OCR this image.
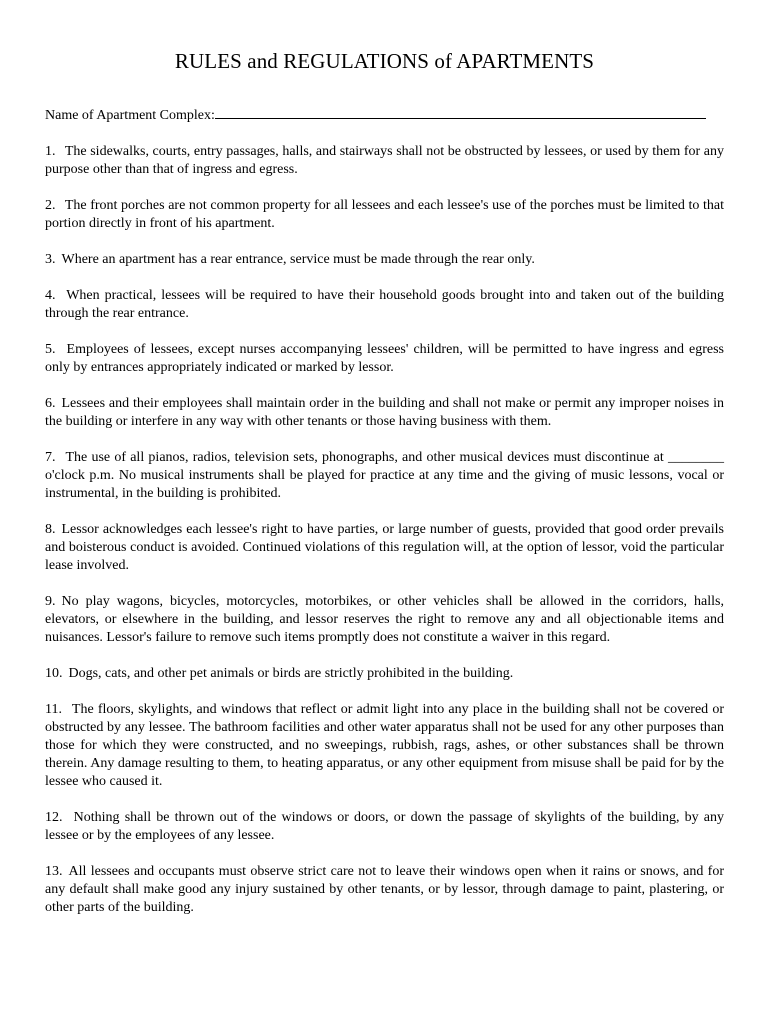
RULES and REGULATIONS of APARTMENTS
Name of Apartment Complex:

1. The sidewalks, courts, entry passages, halls, and stairways shall not be obstructed by lessees, or used by them for any purpose other than that of ingress and egress.

2. The front porches are not common property for all lessees and each lessee's use of the porches must be limited to that portion directly in front of his apartment.

3. Where an apartment has a rear entrance, service must be made through the rear only.

4. When practical, lessees will be required to have their household goods brought into and taken out of the building through the rear entrance.

5. Employees of lessees, except nurses accompanying lessees' children, will be permitted to have ingress and egress only by entrances appropriately indicated or marked by lessor.

6. Lessees and their employees shall maintain order in the building and shall not make or permit any improper noises in the building or interfere in any way with other tenants or those having business with them.

7. The use of all pianos, radios, television sets, phonographs, and other musical devices must discontinue at ________ o'clock p.m. No musical instruments shall be played for practice at any time and the giving of music lessons, vocal or instrumental, in the building is prohibited.

8. Lessor acknowledges each lessee's right to have parties, or large number of guests, provided that good order prevails and boisterous conduct is avoided. Continued violations of this regulation will, at the option of lessor, void the particular lease involved.

9. No play wagons, bicycles, motorcycles, motorbikes, or other vehicles shall be allowed in the corridors, halls, elevators, or elsewhere in the building, and lessor reserves the right to remove any and all objectionable items and nuisances. Lessor's failure to remove such items promptly does not constitute a waiver in this regard.

10. Dogs, cats, and other pet animals or birds are strictly prohibited in the building.

11. The floors, skylights, and windows that reflect or admit light into any place in the building shall not be covered or obstructed by any lessee. The bathroom facilities and other water apparatus shall not be used for any other purposes than those for which they were constructed, and no sweepings, rubbish, rags, ashes, or other substances shall be thrown therein. Any damage resulting to them, to heating apparatus, or any other equipment from misuse shall be paid for by the lessee who caused it.

12. Nothing shall be thrown out of the windows or doors, or down the passage of skylights of the building, by any lessee or by the employees of any lessee.

13. All lessees and occupants must observe strict care not to leave their windows open when it rains or snows, and for any default shall make good any injury sustained by other tenants, or by lessor, through damage to paint, plastering, or other parts of the building.
